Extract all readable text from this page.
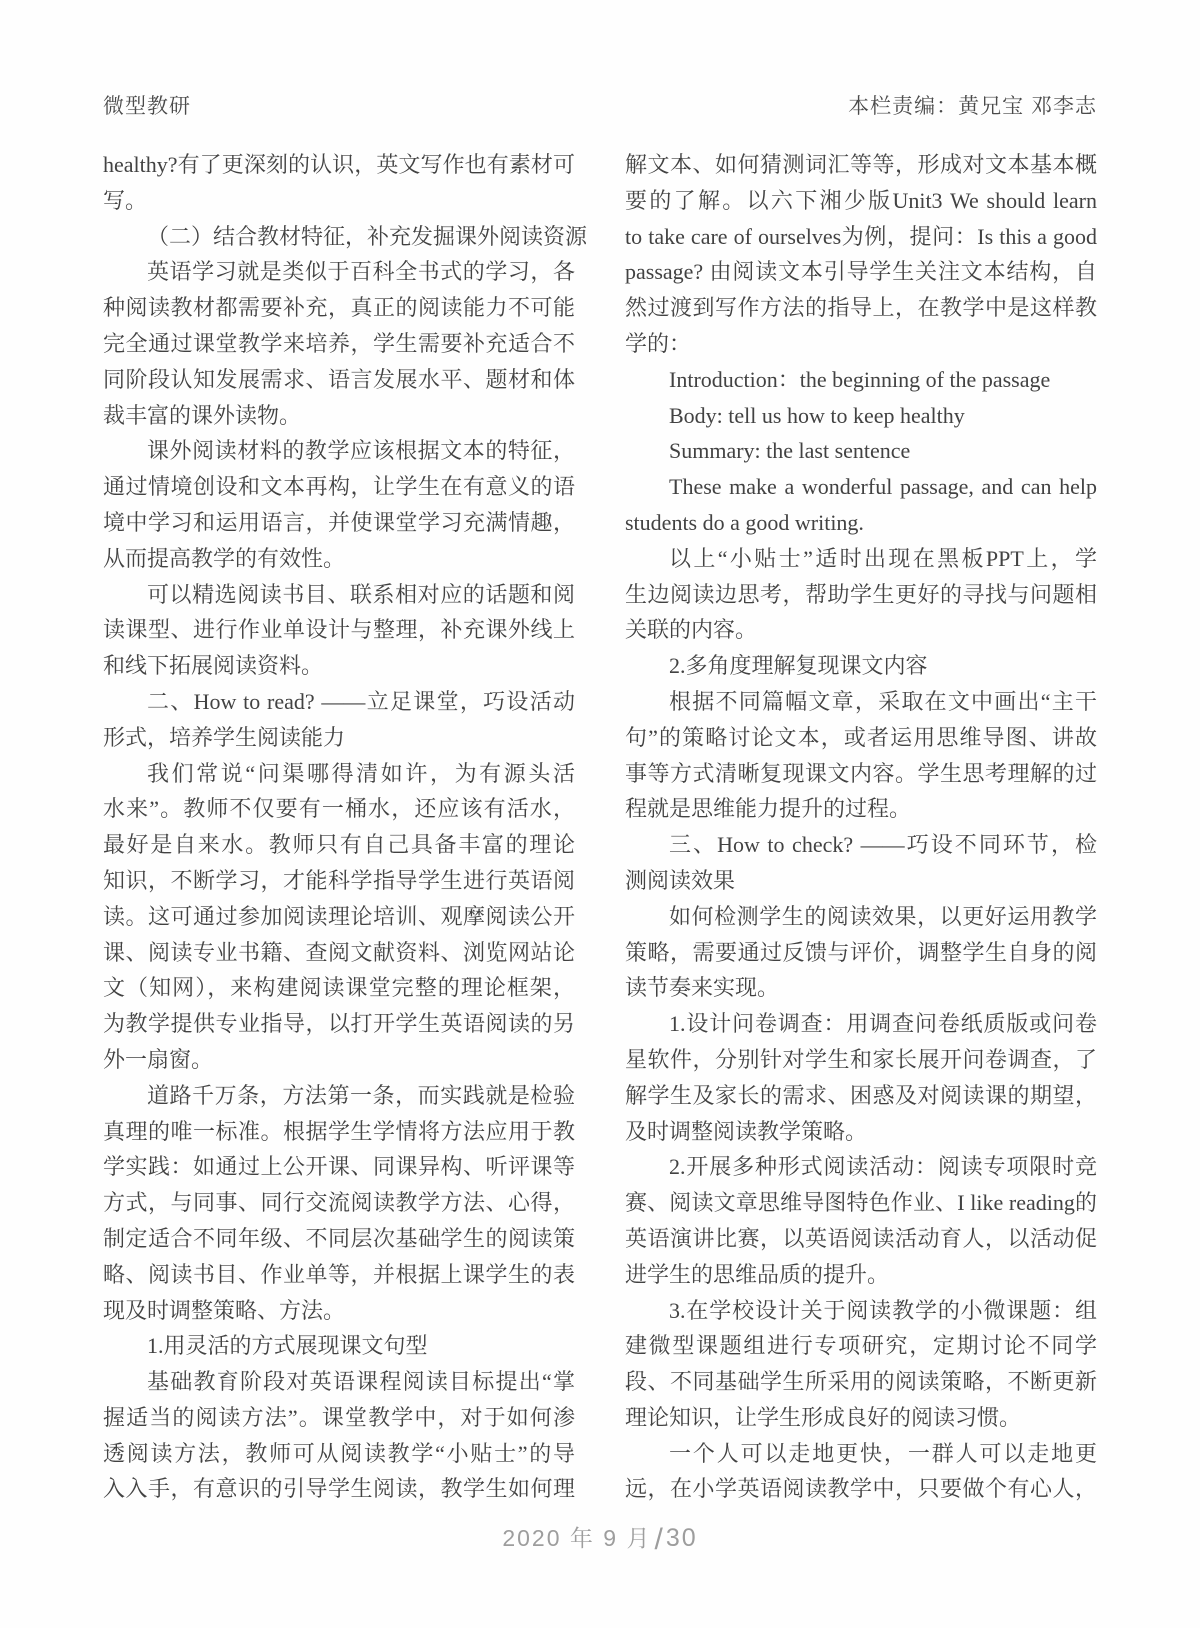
微型教研	本栏责编：黄兄宝 邓李志
healthy?有了更深刻的认识，英文写作也有素材可
写。
（二）结合教材特征，补充发掘课外阅读资源
英语学习就是类似于百科全书式的学习，各
种阅读教材都需要补充，真正的阅读能力不可能
完全通过课堂教学来培养，学生需要补充适合不
同阶段认知发展需求、语言发展水平、题材和体
裁丰富的课外读物。
课外阅读材料的教学应该根据文本的特征，
通过情境创设和文本再构，让学生在有意义的语
境中学习和运用语言，并使课堂学习充满情趣，
从而提高教学的有效性。
可以精选阅读书目、联系相对应的话题和阅
读课型、进行作业单设计与整理，补充课外线上
和线下拓展阅读资料。
二、How to read? ——立足课堂，巧设活动
形式，培养学生阅读能力
我们常说“问渠哪得清如许，为有源头活
水来”。教师不仅要有一桶水，还应该有活水，
最好是自来水。教师只有自己具备丰富的理论
知识，不断学习，才能科学指导学生进行英语阅
读。这可通过参加阅读理论培训、观摩阅读公开
课、阅读专业书籍、查阅文献资料、浏览网站论
文（知网），来构建阅读课堂完整的理论框架，
为教学提供专业指导，以打开学生英语阅读的另
外一扇窗。
道路千万条，方法第一条，而实践就是检验
真理的唯一标准。根据学生学情将方法应用于教
学实践：如通过上公开课、同课异构、听评课等
方式，与同事、同行交流阅读教学方法、心得，
制定适合不同年级、不同层次基础学生的阅读策
略、阅读书目、作业单等，并根据上课学生的表
现及时调整策略、方法。
1.用灵活的方式展现课文句型
基础教育阶段对英语课程阅读目标提出“掌
握适当的阅读方法”。课堂教学中，对于如何渗
透阅读方法，教师可从阅读教学“小贴士”的导
入入手，有意识的引导学生阅读，教学生如何理
解文本、如何猜测词汇等等，形成对文本基本概
要的了解。以六下湘少版Unit3 We should learn
to take care of ourselves为例，提问：Is this a good
passage? 由阅读文本引导学生关注文本结构，自
然过渡到写作方法的指导上，在教学中是这样教
学的：
Introduction：the beginning of the passage
Body: tell us how to keep healthy
Summary: the last sentence
These make a wonderful passage, and can help
students do a good writing.
以上“小贴士”适时出现在黑板PPT上，学
生边阅读边思考，帮助学生更好的寻找与问题相
关联的内容。
2.多角度理解复现课文内容
根据不同篇幅文章，采取在文中画出“主干
句”的策略讨论文本，或者运用思维导图、讲故
事等方式清晰复现课文内容。学生思考理解的过
程就是思维能力提升的过程。
三、How to check? ——巧设不同环节，检
测阅读效果
如何检测学生的阅读效果，以更好运用教学
策略，需要通过反馈与评价，调整学生自身的阅
读节奏来实现。
1.设计问卷调查：用调查问卷纸质版或问卷
星软件，分别针对学生和家长展开问卷调查，了
解学生及家长的需求、困惑及对阅读课的期望，
及时调整阅读教学策略。
2.开展多种形式阅读活动：阅读专项限时竞
赛、阅读文章思维导图特色作业、I like reading的
英语演讲比赛，以英语阅读活动育人，以活动促
进学生的思维品质的提升。
3.在学校设计关于阅读教学的小微课题：组
建微型课题组进行专项研究，定期讨论不同学
段、不同基础学生所采用的阅读策略，不断更新
理论知识，让学生形成良好的阅读习惯。
一个人可以走地更快，一群人可以走地更
远，在小学英语阅读教学中，只要做个有心人，
2020 年 9 月 /30
